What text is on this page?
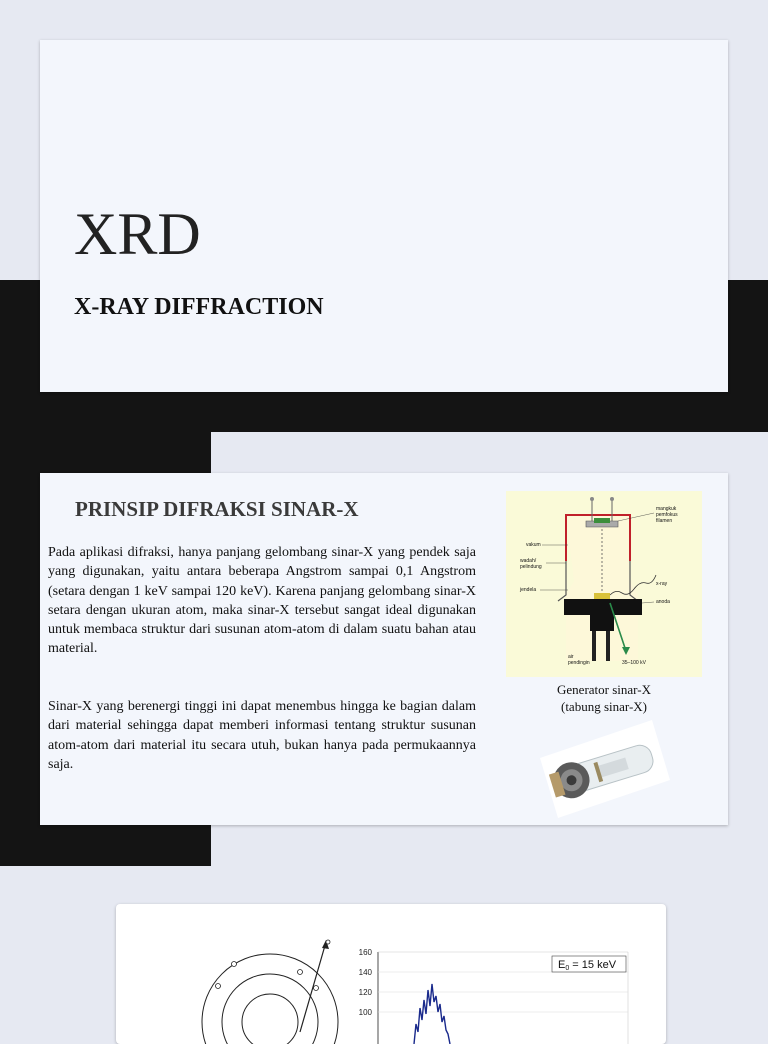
XRD
X-RAY DIFFRACTION
PRINSIP DIFRAKSI SINAR-X

Pada aplikasi difraksi, hanya panjang gelombang sinar-X yang pendek saja yang digunakan, yaitu antara beberapa Angstrom sampai 0,1 Angstrom (setara dengan 1 keV sampai 120 keV). Karena panjang gelombang sinar-X setara dengan ukuran atom, maka sinar-X tersebut sangat ideal digunakan untuk membaca struktur dari susunan atom-atom di dalam suatu bahan atau material.

Sinar-X yang berenergi tinggi ini dapat menembus hingga ke bagian dalam dari material sehingga dapat memberi informasi tentang struktur susunan atom-atom dari material itu secara utuh, bukan hanya pada permukaannya saja.

mangkuk
pemfokus
filamen
vakum
wadah/
pelindung
x-ray
jendela
anoda
air
pendingin	35–100 kV
Generator sinar-X
(tabung sinar-X)
160
140
120
100
E0 = 15 keV
